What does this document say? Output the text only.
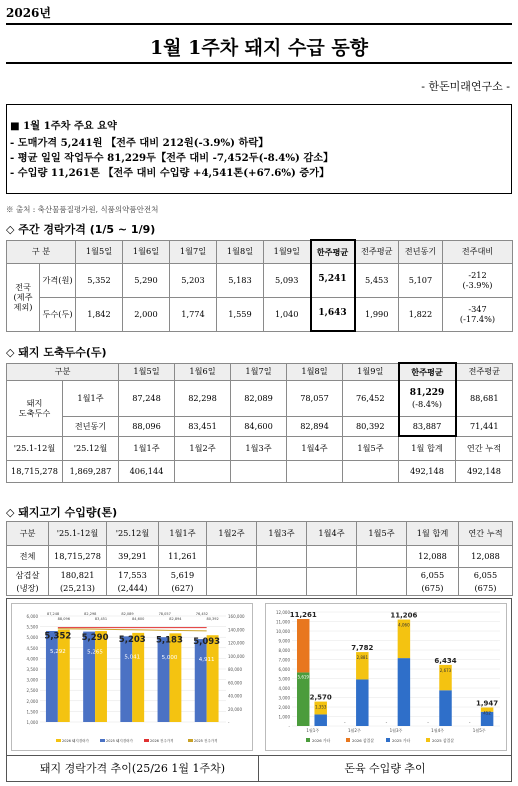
2026년
1월 1주차 돼지 수급 동향
- 한돈미래연구소 -
■ 1월 1주차 주요 요약
- 도매가격 5,241원 【전주 대비 212원(-3.9%) 하락】
- 평균 일일 작업두수 81,229두【전주 대비 -7,452두(-8.4%) 감소】
- 수입량 11,261톤 【전주 대비 수입량 +4,541톤(+67.6%) 증가】
※ 출처 : 축산물품질평가원, 식품의약품안전처
◇ 주간 경락가격 (1/5 ~ 1/9)
구 분		1월5일	1월6일	1월7일	1월8일	1월9일	한주평균	전주평균	전년동기	전주대비
전국
(제주
제외)	가격(원)	5,352	5,290	5,203	5,183	5,093	5,241	5,453	5,107	-212
(-3.9%)
	두수(두)	1,842	2,000	1,774	1,559	1,040	1,643	1,990	1,822	-347
(-17.4%)
◇ 돼지 도축두수(두)
구분		1월5일	1월6일	1월7일	1월8일	1월9일	한주평균	전주평균
돼지
도축두수	1월1주	87,248	82,298	82,089	78,057	76,452	81,229
(-8.4%)	88,681
	전년동기	88,096	83,451	84,600	82,894	80,392	83,887	71,441
'25.1-12월	'25.12월	1월1주	1월2주	1월3주	1월4주	1월5주	1월 합계	연간 누적
18,715,278	1,869,287	406,144					492,148	492,148
◇ 돼지고기 수입량(톤)
구분	'25.1-12월	'25.12월	1월1주	1월2주	1월3주	1월4주	1월5주	1월 합계	연간 누적
전체	18,715,278	39,291	11,261					12,088	12,088
삼겹살	180,821	17,553	5,619					6,055	6,055
(냉장)	(25,213)	(2,444)	(627)					(675)	(675)
6,000
5,500
5,000
4,500
4,000
3,500
3,000
2,500
2,000
1,500
1,000
160,000
140,000
120,000
100,000
80,000
60,000
40,000
20,000
-
5,352
5,292
87,248
88,096
5,290
5,265
82,298
83,451
5,203
5,041
82,089
84,600
5,183
5,000
78,057
82,894
5,093
4,911
76,452
80,392
2026 돼지경락가	2025 돼지경락가	2026 전주가격	2025 전주가격
12,000
11,000
10,000
9,000
8,000
7,000
6,000
5,000
4,000
3,000
2,000
1,000
-
5,619
1,353
1월1주
-
2,881
1월2주
-
4,060
1월3주
-
2,673
1월4주
-
452
1월5주
11,261
2,570
7,782
11,206
6,434
1,947
2026 가타	2026 삼겹살	2025 가타	2025 삼겹살
돼지 경락가격 추이(25/26 1월 1주차)	돈육 수입량 추이
